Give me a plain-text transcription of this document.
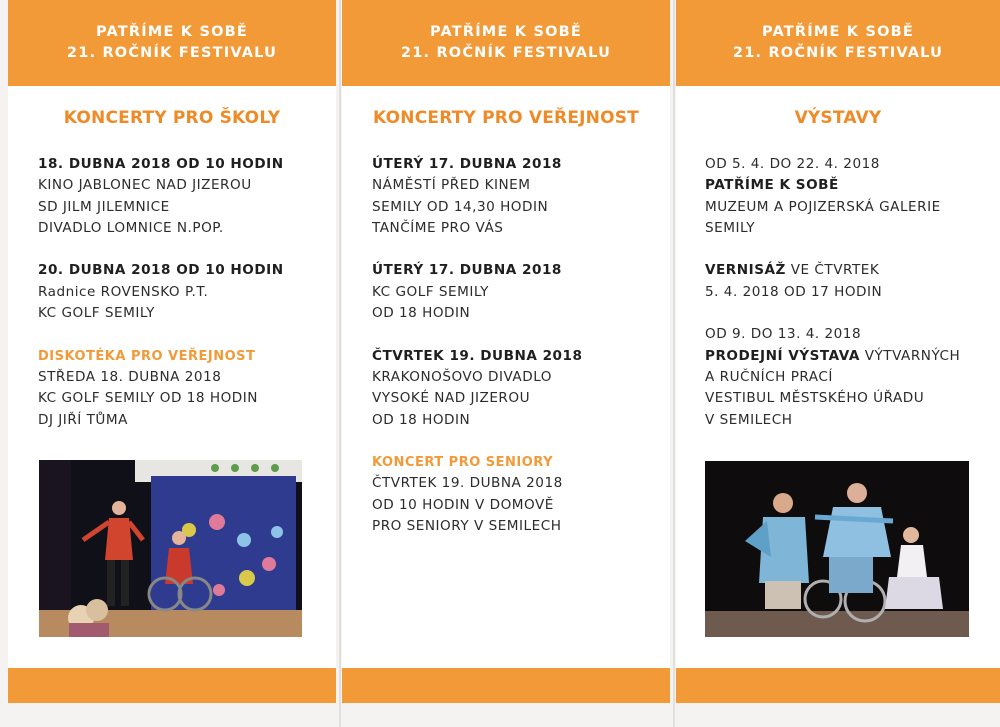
PATŘÍME K SOBĚ
21. ROČNÍK FESTIVALU
KONCERTY PRO ŠKOLY
18. DUBNA 2018 OD 10 HODIN
KINO JABLONEC NAD JIZEROU
SD JILM JILEMNICE
DIVADLO LOMNICE N.POP.
20. DUBNA 2018 OD 10 HODIN
Radnice ROVENSKO P.T.
KC GOLF SEMILY
DISKOTÉKA PRO VEŘEJNOST
STŘEDA 18. DUBNA 2018
KC GOLF SEMILY OD 18 HODIN
DJ JIŘÍ TŮMA
PATŘÍME K SOBĚ
21. ROČNÍK FESTIVALU
KONCERTY PRO VEŘEJNOST
ÚTERÝ 17. DUBNA 2018
NÁMĚSTÍ PŘED KINEM
SEMILY OD 14,30 HODIN
TANČÍME PRO VÁS
ÚTERÝ 17. DUBNA 2018
KC GOLF SEMILY
OD 18 HODIN
ČTVRTEK 19. DUBNA 2018
KRAKONOŠOVO DIVADLO
VYSOKÉ NAD JIZEROU
OD 18 HODIN
KONCERT PRO SENIORY
ČTVRTEK 19. DUBNA 2018
OD 10 HODIN V DOMOVĚ
PRO SENIORY V SEMILECH
PATŘÍME K SOBĚ
21. ROČNÍK FESTIVALU
VÝSTAVY
OD 5. 4. DO 22. 4. 2018
PATŘÍME K SOBĚ
MUZEUM A POJIZERSKÁ GALERIE
SEMILY
VERNISÁŽ VE ČTVRTEK
5. 4. 2018 OD 17 HODIN
OD 9. DO 13. 4. 2018
PRODEJNÍ VÝSTAVA VÝTVARNÝCH
A RUČNÍCH PRACÍ
VESTIBUL MĚSTSKÉHO ÚŘADU
V SEMILECH
